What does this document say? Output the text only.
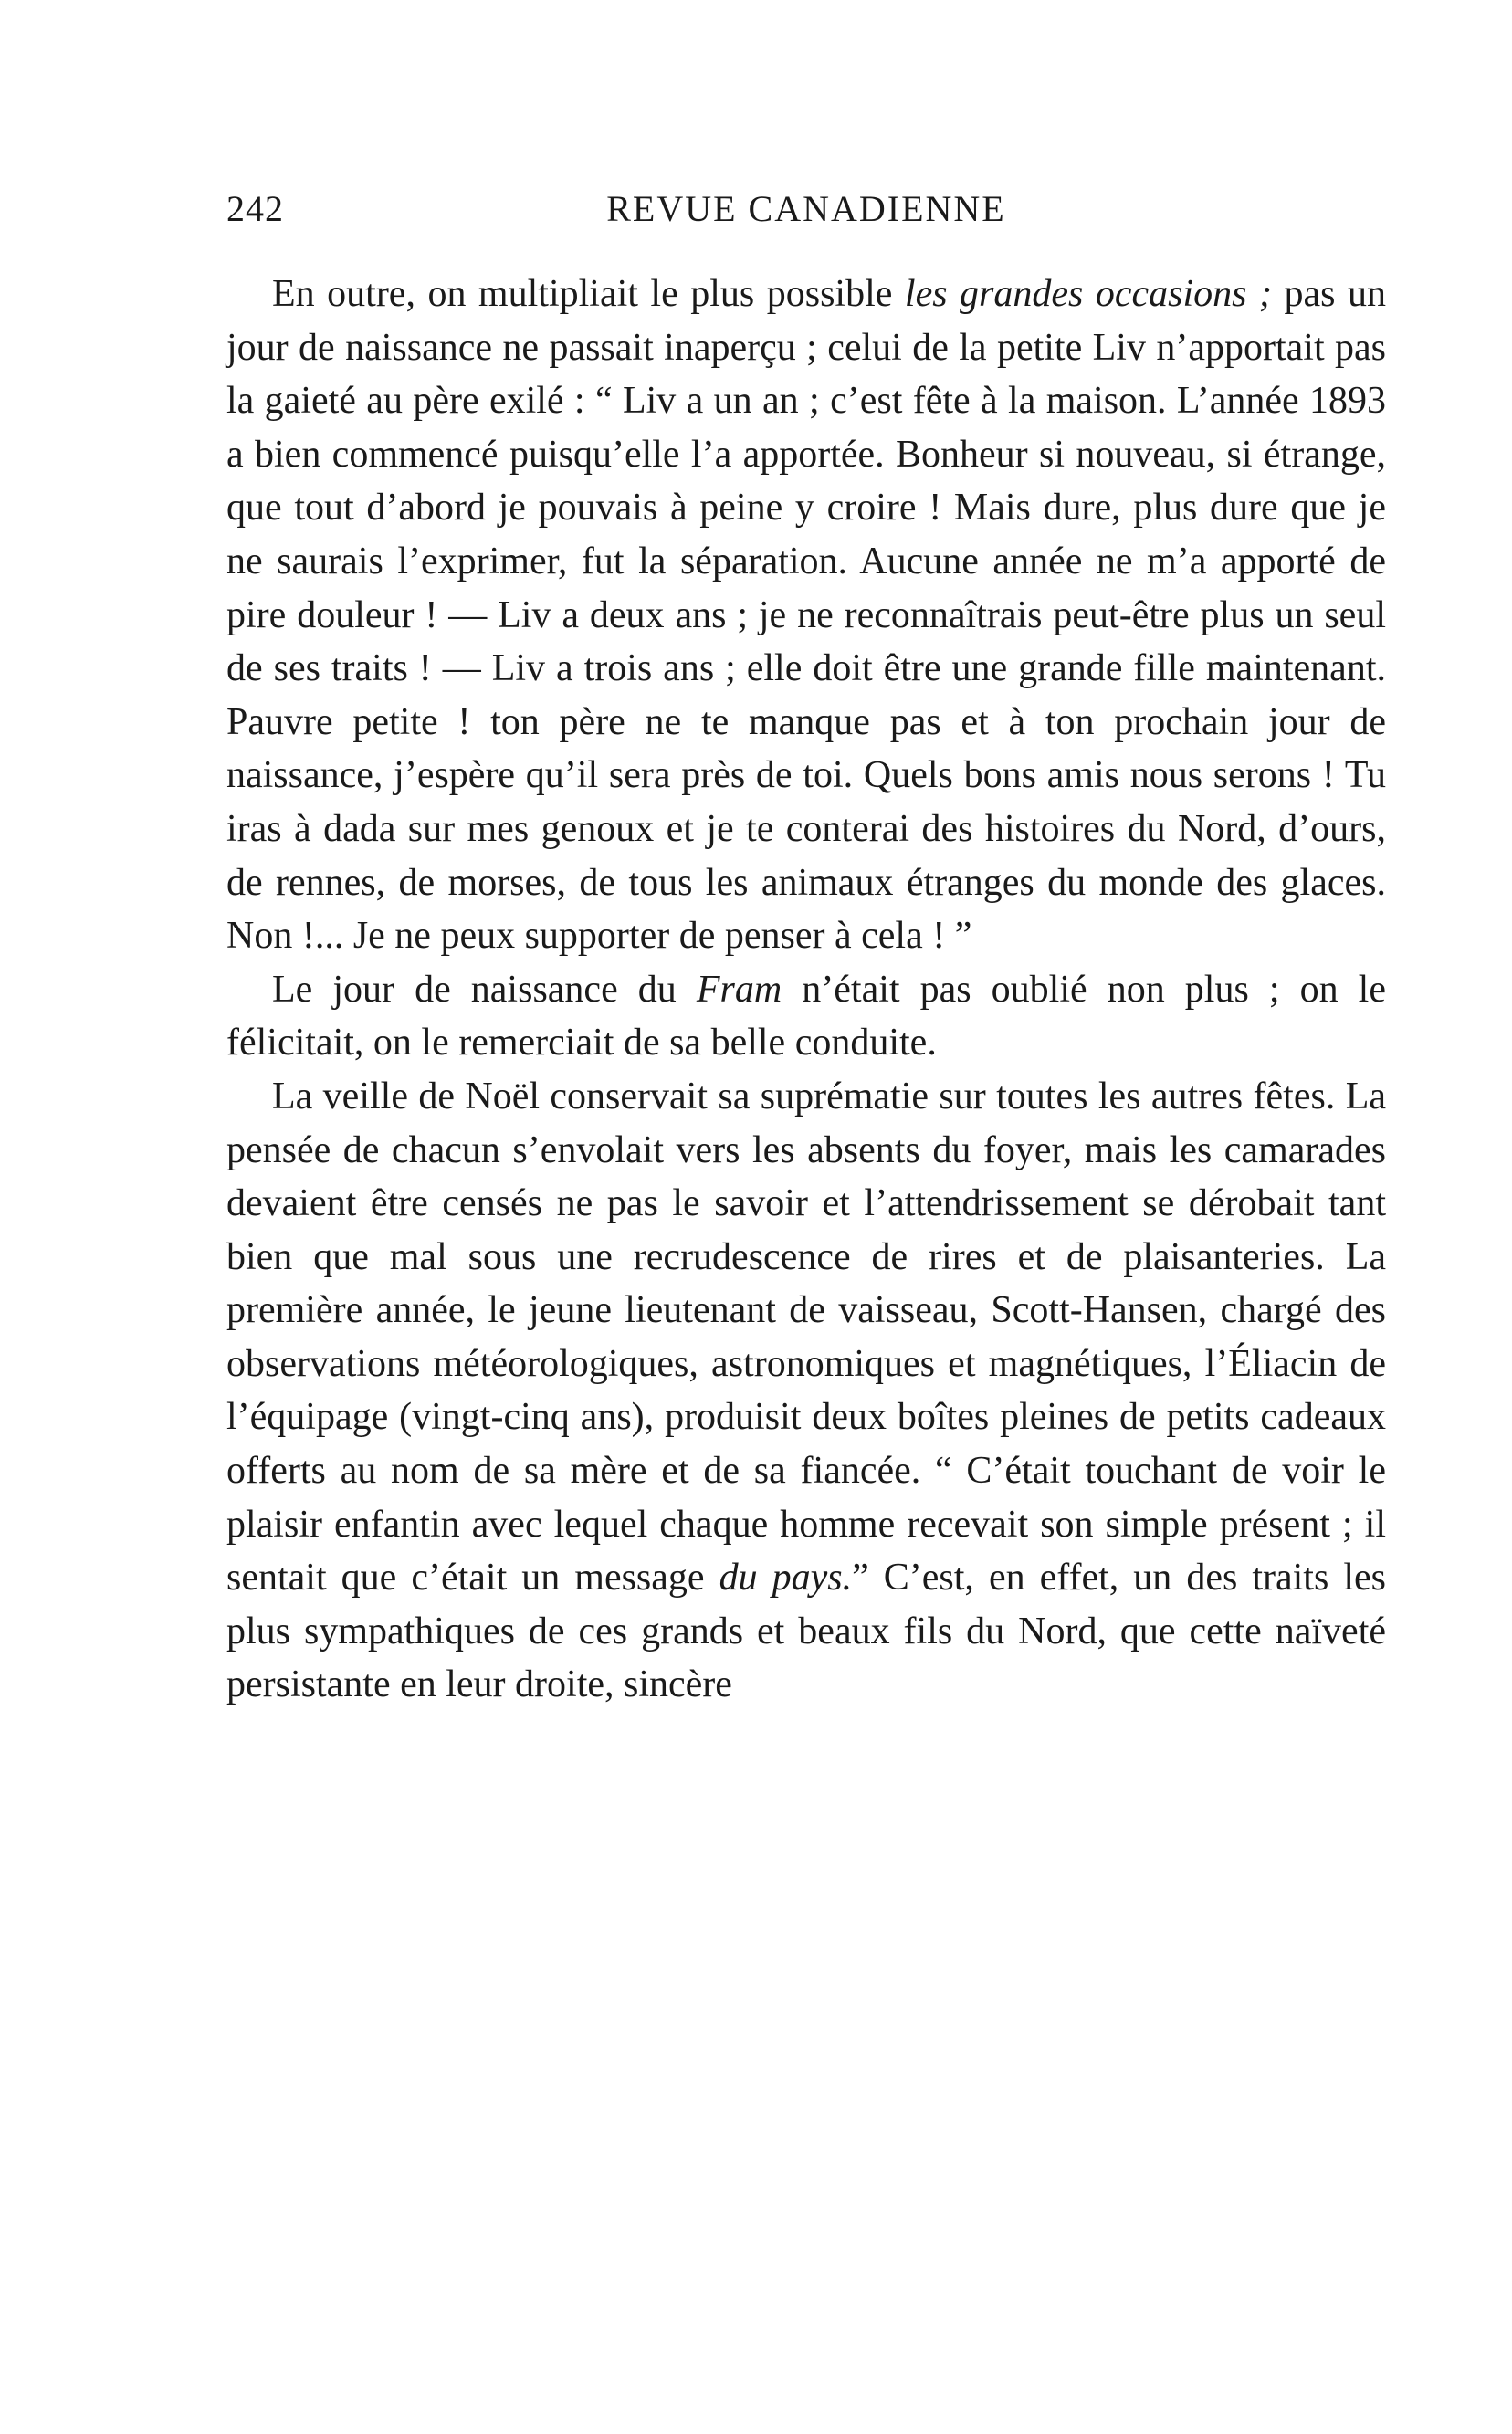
242	REVUE CANADIENNE

En outre, on multipliait le plus possible les grandes occasions ; pas un jour de naissance ne passait inaperçu ; celui de la petite Liv n’apportait pas la gaieté au père exilé : “ Liv a un an ; c’est fête à la maison. L’année 1893 a bien commencé puisqu’elle l’a apportée. Bonheur si nouveau, si étrange, que tout d’abord je pouvais à peine y croire ! Mais dure, plus dure que je ne saurais l’exprimer, fut la séparation. Aucune année ne m’a apporté de pire douleur ! — Liv a deux ans ; je ne reconnaîtrais peut-être plus un seul de ses traits ! — Liv a trois ans ; elle doit être une grande fille maintenant. Pauvre petite ! ton père ne te manque pas et à ton prochain jour de naissance, j’espère qu’il sera près de toi. Quels bons amis nous serons ! Tu iras à dada sur mes genoux et je te conterai des histoires du Nord, d’ours, de rennes, de morses, de tous les animaux étranges du monde des glaces. Non !... Je ne peux supporter de penser à cela ! ”

Le jour de naissance du Fram n’était pas oublié non plus ; on le félicitait, on le remerciait de sa belle conduite.

La veille de Noël conservait sa suprématie sur toutes les autres fêtes. La pensée de chacun s’envolait vers les absents du foyer, mais les camarades devaient être censés ne pas le savoir et l’attendrissement se dérobait tant bien que mal sous une recrudescence de rires et de plaisanteries. La première année, le jeune lieutenant de vaisseau, Scott-Hansen, chargé des observations météorologiques, astronomiques et magnétiques, l’Éliacin de l’équipage (vingt-cinq ans), produisit deux boîtes pleines de petits cadeaux offerts au nom de sa mère et de sa fiancée. “ C’était touchant de voir le plaisir enfantin avec lequel chaque homme recevait son simple présent ; il sentait que c’était un message du pays.” C’est, en effet, un des traits les plus sympathiques de ces grands et beaux fils du Nord, que cette naïveté persistante en leur droite, sincère
